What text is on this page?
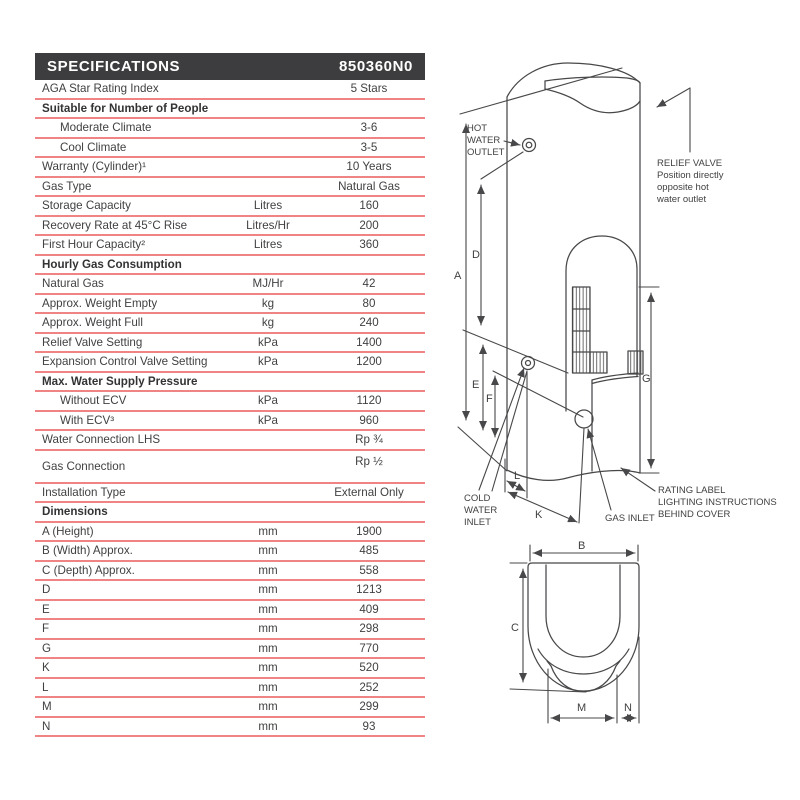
SPECIFICATIONS	850360N0
AGA Star Rating Index	5 Stars
Suitable for Number of People
Moderate Climate	3-6
Cool Climate	3-5
Warranty (Cylinder)¹	10 Years
Gas Type	Natural Gas
Storage Capacity	Litres	160
Recovery Rate at 45°C Rise	Litres/Hr	200
First Hour Capacity²	Litres	360
Hourly Gas Consumption
Natural Gas	MJ/Hr	42
Approx. Weight Empty	kg	80
Approx. Weight Full	kg	240
Relief Valve Setting	kPa	1400
Expansion Control Valve Setting	kPa	1200
Max. Water Supply Pressure
Without ECV	kPa	1120
With ECV³	kPa	960
Water Connection LHS	Rp ¾
Gas Connection	Rp ½
Installation Type	External Only
Dimensions
A (Height)	mm	1900
B (Width) Approx.	mm	485
C (Depth) Approx.	mm	558
D	mm	1213
E	mm	409
F	mm	298
G	mm	770
K	mm	520
L	mm	252
M	mm	299
N	mm	93
HOT
WATER
OUTLET
RELIEF VALVE
Position directly
opposite hot
water outlet
COLD
WATER
INLET	GAS INLET
RATING LABEL
LIGHTING INSTRUCTIONS
BEHIND COVER
A
D
E
F
G
K
L
B
C
M	N
